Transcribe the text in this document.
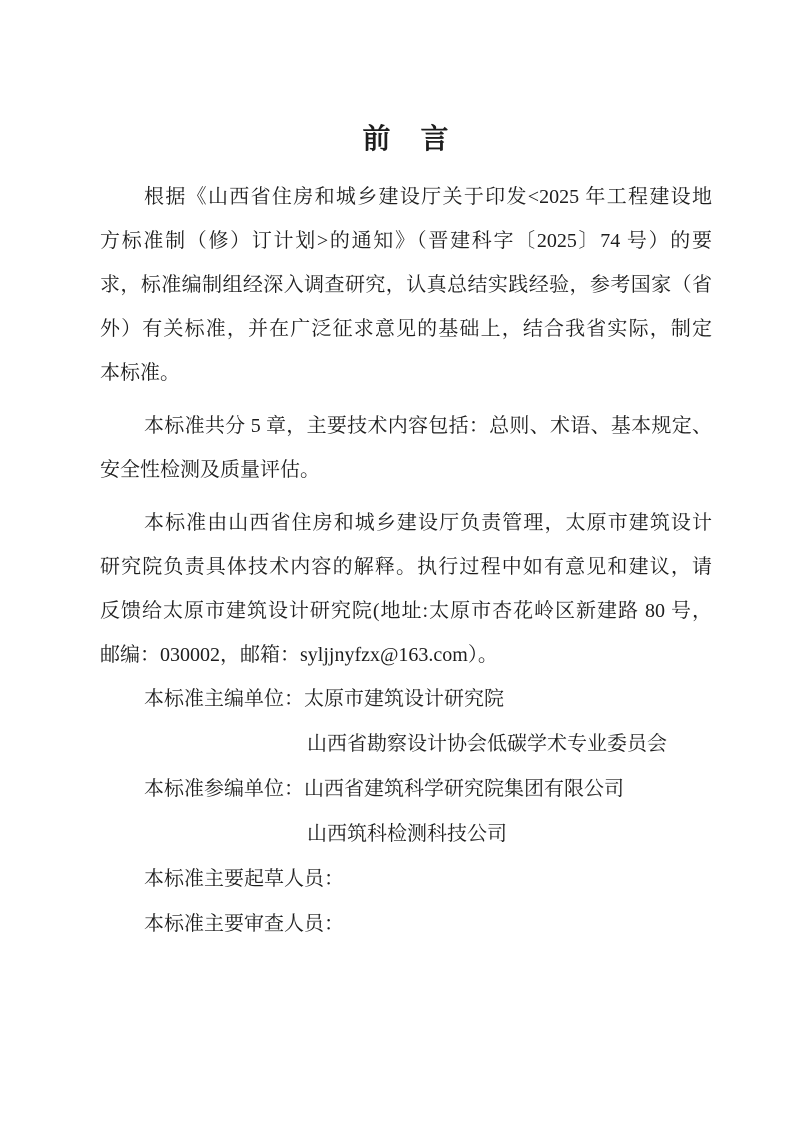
前　言
根据《山西省住房和城乡建设厅关于印发<2025 年工程建设地
方标准制（修）订计划>的通知》（晋建科字〔2025〕74 号）的要
求，标准编制组经深入调查研究，认真总结实践经验，参考国家（省
外）有关标准，并在广泛征求意见的基础上，结合我省实际，制定
本标准。
本标准共分 5 章，主要技术内容包括：总则、术语、基本规定、
安全性检测及质量评估。
本标准由山西省住房和城乡建设厅负责管理，太原市建筑设计
研究院负责具体技术内容的解释。执行过程中如有意见和建议，请
反馈给太原市建筑设计研究院(地址:太原市杏花岭区新建路 80 号，
邮编：030002，邮箱：syljjnyfzx@163.com）。
本标准主编单位：太原市建筑设计研究院
山西省勘察设计协会低碳学术专业委员会
本标准参编单位：山西省建筑科学研究院集团有限公司
山西筑科检测科技公司
本标准主要起草人员：
本标准主要审查人员：
